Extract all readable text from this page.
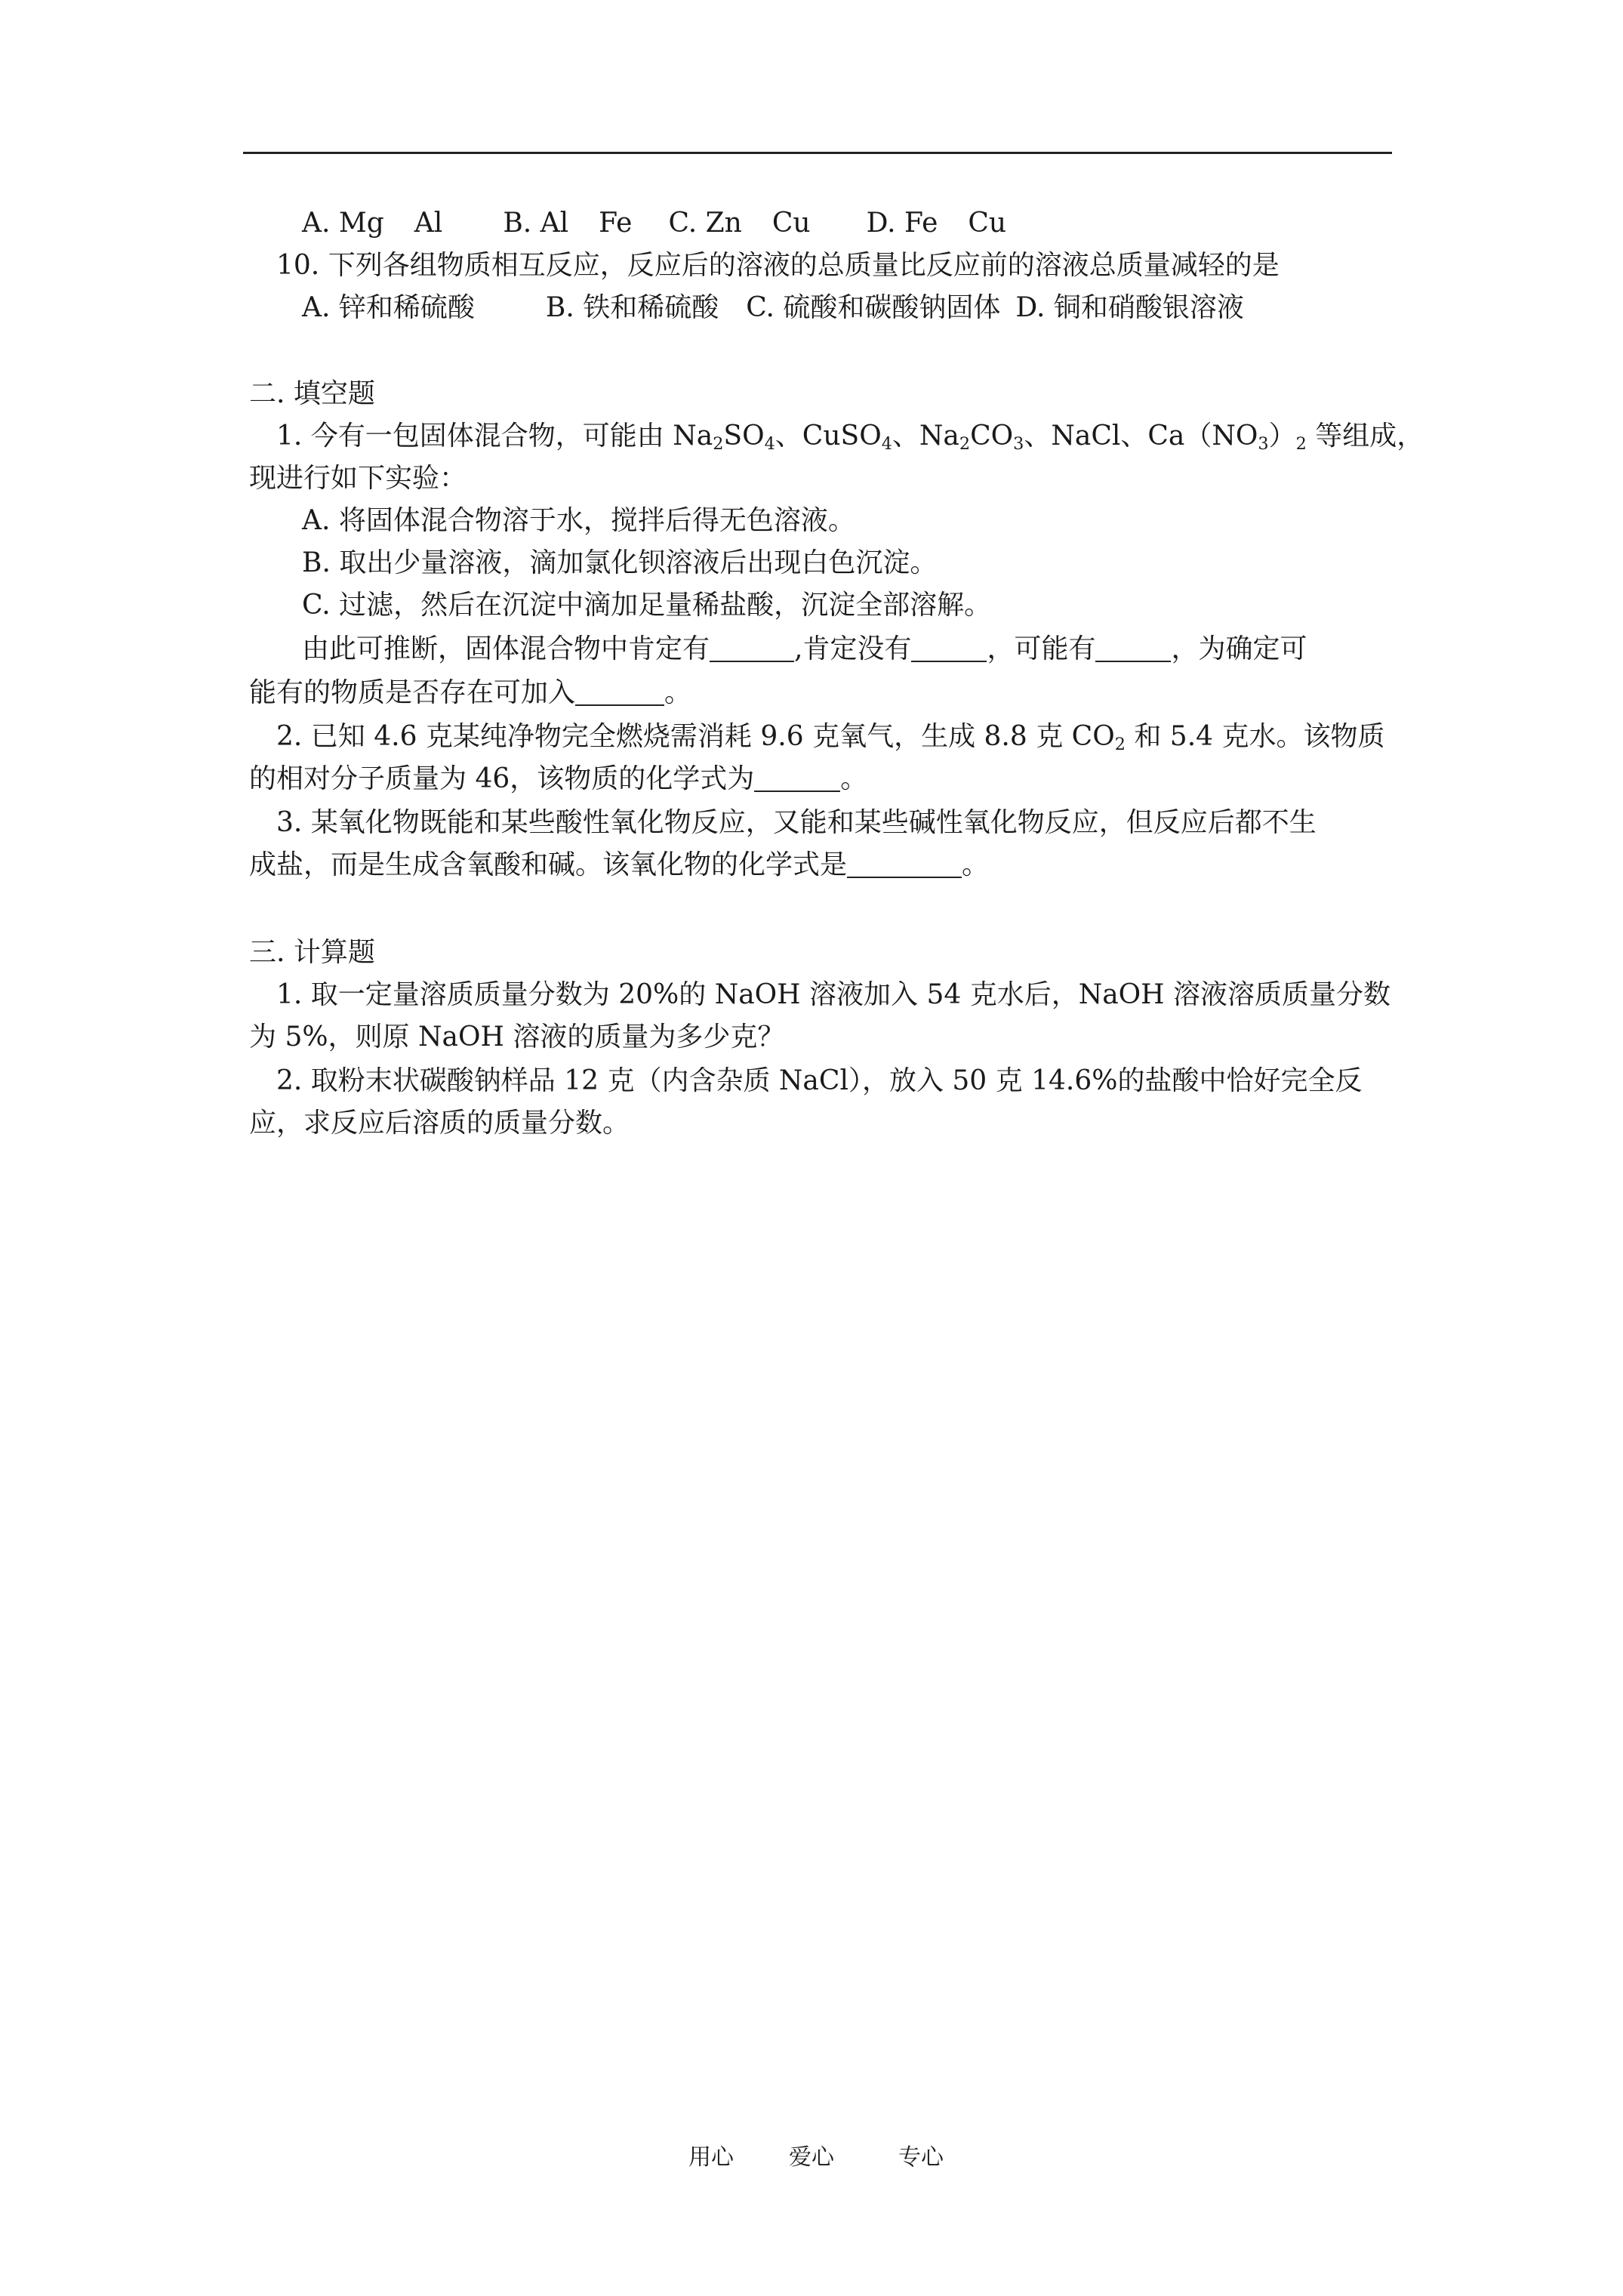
A. Mg Al B. Al Fe C. Zn Cu D. Fe Cu
10. 下列各组物质相互反应，反应后的溶液的总质量比反应前的溶液总质量减轻的是
A. 锌和稀硫酸	B. 铁和稀硫酸 C. 硫酸和碳酸钠固体 D. 铜和硝酸银溶液
二. 填空题
1. 今有一包固体混合物，可能由 $Na_2SO_4$、CuSO$_4$、$Na_2CO_3$、NaCl、$Ca(NO_3)_2$ 等组成，
现进行如下实验：
A. 将固体混合物溶于水，搅拌后得无色溶液。
B. 取出少量溶液，滴加氯化钡溶液后出现白色沉淀。
C. 过滤，然后在沉淀中滴加足量稀盐酸，沉淀全部溶解。
由此可推断，固体混合物中肯定有	,肯定没有	，可能有	，为确定可
能有的物质是否存在可加入	。
2. 已知 4.6 克某纯净物完全燃烧需消耗 9.6 克氧气，生成 8.8 克 $CO_2$ 和 5.4 克水。该物质
的相对分子质量为 46，该物质的化学式为	。
3. 某氧化物既能和某些酸性氧化物反应，又能和某些碱性氧化物反应，但反应后都不生
成盐，而是生成含氧酸和碱。该氧化物的化学式是	。
三. 计算题
1. 取一定量溶质质量分数为 20%的 NaOH 溶液加入 54 克水后，NaOH 溶液溶质质量分数
为 5%，则原 NaOH 溶液的质量为多少克？
2. 取粉末状碳酸钠样品 12 克（内含杂质 NaCl），放入 50 克 14.6%的盐酸中恰好完全反
应，求反应后溶质的质量分数。
用心 爱心	专心
